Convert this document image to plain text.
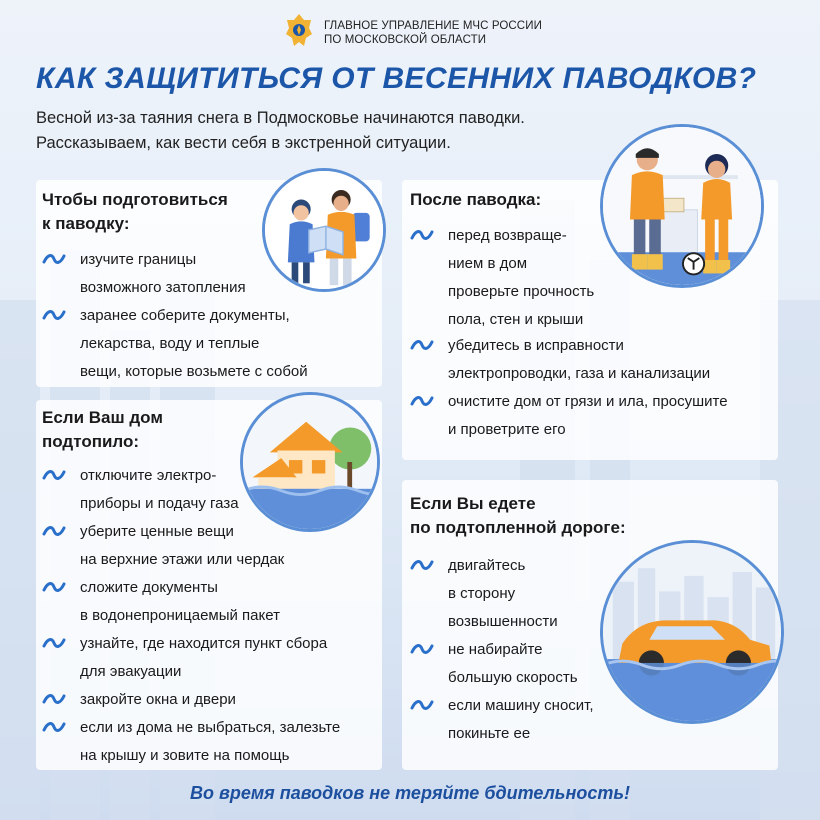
ГЛАВНОЕ УПРАВЛЕНИЕ МЧС РОССИИ
ПО МОСКОВСКОЙ ОБЛАСТИ
КАК ЗАЩИТИТЬСЯ ОТ ВЕСЕННИХ ПАВОДКОВ?
Весной из-за таяния снега в Подмосковье начинаются паводки.
Рассказываем, как вести себя в экстренной ситуации.
Чтобы подготовиться
к паводку:
изучите границы
возможного затопления
заранее соберите документы,
лекарства, воду и теплые
вещи, которые возьмете с собой
После паводка:
перед возвраще-
нием в дом
проверьте прочность
пола, стен и крыши
убедитесь в исправности
электропроводки, газа и канализации
очистите дом от грязи и ила, просушите
и проветрите его
Если Ваш дом
подтопило:
отключите электро-
приборы и подачу газа
уберите ценные вещи
на верхние этажи или чердак
сложите документы
в водонепроницаемый пакет
узнайте, где находится пункт сбора
для эвакуации
закройте окна и двери
если из дома не выбраться, залезьте
на крышу и зовите на помощь
Если Вы едете
по подтопленной дороге:
двигайтесь
в сторону
возвышенности
не набирайте
большую скорость
если машину сносит,
покиньте ее
Во время паводков не теряйте бдительность!
